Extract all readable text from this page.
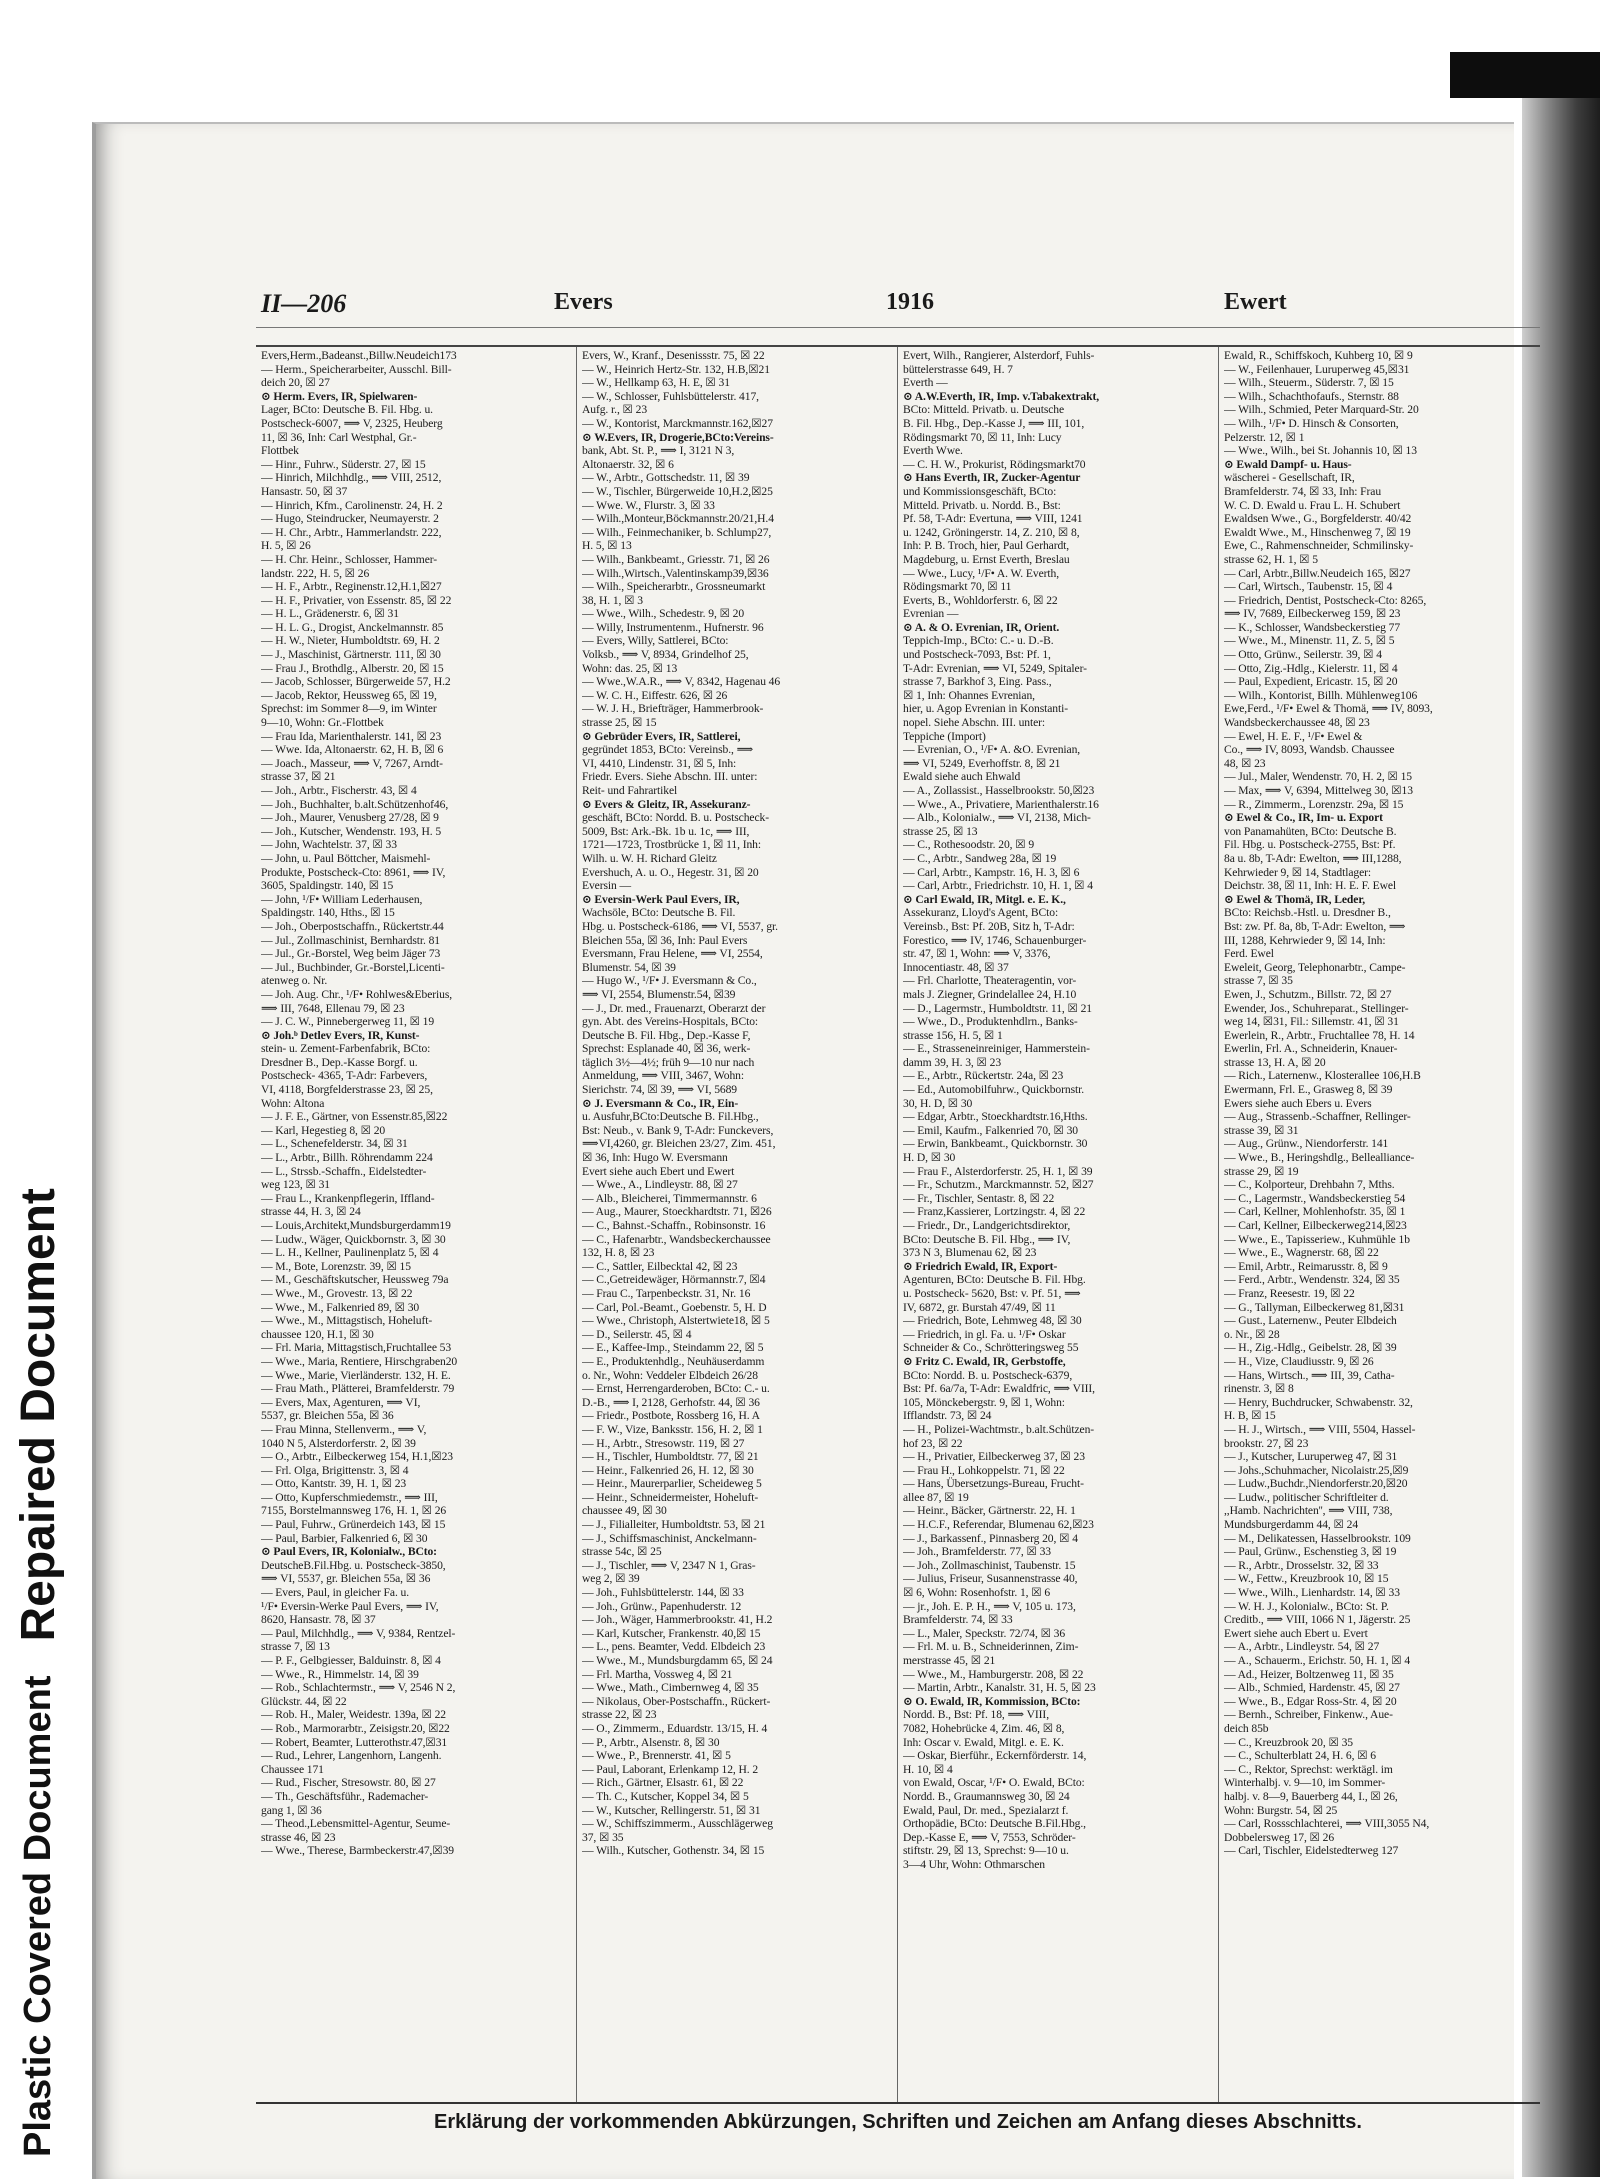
Plastic Covered Document
Repaired Document
II—206	Evers	1916	Ewert
Evers,Herm.,Badeanst.,Billw.Neudeich173
— Herm., Speicherarbeiter, Ausschl. Bill-
deich 20, ☒ 27
⊙ Herm. Evers, IR, Spielwaren-
Lager, BCto: Deutsche B. Fil. Hbg. u.
Postscheck-6007, ⟹ V, 2325, Heuberg
11, ☒ 36, Inh: Carl Westphal, Gr.-
Flottbek
— Hinr., Fuhrw., Süderstr. 27, ☒ 15
— Hinrich, Milchhdlg., ⟹ VIII, 2512,
Hansastr. 50, ☒ 37
— Hinrich, Kfm., Carolinenstr. 24, H. 2
— Hugo, Steindrucker, Neumayerstr. 2
— H. Chr., Arbtr., Hammerlandstr. 222,
H. 5, ☒ 26
— H. Chr. Heinr., Schlosser, Hammer-
landstr. 222, H. 5, ☒ 26
— H. F., Arbtr., Reginenstr.12,H.1,☒27
— H. F., Privatier, von Essenstr. 85, ☒ 22
— H. L., Grädenerstr. 6, ☒ 31
— H. L. G., Drogist, Anckelmannstr. 85
— H. W., Nieter, Humboldtstr. 69, H. 2
— J., Maschinist, Gärtnerstr. 111, ☒ 30
— Frau J., Brothdlg., Alberstr. 20, ☒ 15
— Jacob, Schlosser, Bürgerweide 57, H.2
— Jacob, Rektor, Heussweg 65, ☒ 19,
Sprechst: im Sommer 8—9, im Winter
9—10, Wohn: Gr.-Flottbek
— Frau Ida, Marienthalerstr. 141, ☒ 23
— Wwe. Ida, Altonaerstr. 62, H. B, ☒ 6
— Joach., Masseur, ⟹ V, 7267, Arndt-
strasse 37, ☒ 21
— Joh., Arbtr., Fischerstr. 43, ☒ 4
— Joh., Buchhalter, b.alt.Schützenhof46,
— Joh., Maurer, Venusberg 27/28, ☒ 9
— Joh., Kutscher, Wendenstr. 193, H. 5
— John, Wachtelstr. 37, ☒ 33
— John, u. Paul Böttcher, Maismehl-
Produkte, Postscheck-Cto: 8961, ⟹ IV,
3605, Spaldingstr. 140, ☒ 15
— John, ¹/F• William Lederhausen,
Spaldingstr. 140, Hths., ☒ 15
— Joh., Oberpostschaffn., Rückertstr.44
— Jul., Zollmaschinist, Bernhardstr. 81
— Jul., Gr.-Borstel, Weg beim Jäger 73
— Jul., Buchbinder, Gr.-Borstel,Licenti-
atenweg o. Nr.
— Joh. Aug. Chr., ¹/F• Rohlwes&Eberius,
⟹ III, 7648, Ellenau 79, ☒ 23
— J. C. W., Pinnebergerweg 11, ☒ 19
⊙ Joh.ᵇ Detlev Evers, IR, Kunst-
stein- u. Zement-Farbenfabrik, BCto:
Dresdner B., Dep.-Kasse Borgf. u.
Postscheck- 4365, T-Adr: Farbevers,
VI, 4118, Borgfelderstrasse 23, ☒ 25,
Wohn: Altona
— J. F. E., Gärtner, von Essenstr.85,☒22
— Karl, Hegestieg 8, ☒ 20
— L., Schenefelderstr. 34, ☒ 31
— L., Arbtr., Billh. Röhrendamm 224
— L., Strssb.-Schaffn., Eidelstedter-
weg 123, ☒ 31
— Frau L., Krankenpflegerin, Iffland-
strasse 44, H. 3, ☒ 24
— Louis,Architekt,Mundsburgerdamm19
— Ludw., Wäger, Quickbornstr. 3, ☒ 30
— L. H., Kellner, Paulinenplatz 5, ☒ 4
— M., Bote, Lorenzstr. 39, ☒ 15
— M., Geschäftskutscher, Heussweg 79a
— Wwe., M., Grovestr. 13, ☒ 22
— Wwe., M., Falkenried 89, ☒ 30
— Wwe., M., Mittagstisch, Hoheluft-
chaussee 120, H.1, ☒ 30
— Frl. Maria, Mittagstisch,Fruchtallee 53
— Wwe., Maria, Rentiere, Hirschgraben20
— Wwe., Marie, Vierländerstr. 132, H. E.
— Frau Math., Plätterei, Bramfelderstr. 79
— Evers, Max, Agenturen, ⟹ VI,
5537, gr. Bleichen 55a, ☒ 36
— Frau Minna, Stellenverm., ⟹ V,
1040 N 5, Alsterdorferstr. 2, ☒ 39
— O., Arbtr., Eilbeckerweg 154, H.1,☒23
— Frl. Olga, Brigittenstr. 3, ☒ 4
— Otto, Kantstr. 39, H. 1, ☒ 23
— Otto, Kupferschmiedemstr., ⟹ III,
7155, Borstelmannsweg 176, H. 1, ☒ 26
— Paul, Fuhrw., Grünerdeich 143, ☒ 15
— Paul, Barbier, Falkenried 6, ☒ 30
⊙ Paul Evers, IR, Kolonialw., BCto:
DeutscheB.Fil.Hbg. u. Postscheck-3850,
⟹ VI, 5537, gr. Bleichen 55a, ☒ 36
— Evers, Paul, in gleicher Fa. u.
¹/F• Eversin-Werke Paul Evers, ⟹ IV,
8620, Hansastr. 78, ☒ 37
— Paul, Milchhdlg., ⟹ V, 9384, Rentzel-
strasse 7, ☒ 13
— P. F., Gelbgiesser, Balduinstr. 8, ☒ 4
— Wwe., R., Himmelstr. 14, ☒ 39
— Rob., Schlachtermstr., ⟹ V, 2546 N 2,
Glückstr. 44, ☒ 22
— Rob. H., Maler, Weidestr. 139a, ☒ 22
— Rob., Marmorarbtr., Zeisigstr.20, ☒22
— Robert, Beamter, Lutterothstr.47,☒31
— Rud., Lehrer, Langenhorn, Langenh.
Chaussee 171
— Rud., Fischer, Stresowstr. 80, ☒ 27
— Th., Geschäftsführ., Rademacher-
gang 1, ☒ 36
— Theod.,Lebensmittel-Agentur, Seume-
strasse 46, ☒ 23
— Wwe., Therese, Barmbeckerstr.47,☒39
Evers, W., Kranf., Desenissstr. 75, ☒ 22
— W., Heinrich Hertz-Str. 132, H.B,☒21
— W., Hellkamp 63, H. E, ☒ 31
— W., Schlosser, Fuhlsbüttelerstr. 417,
Aufg. r., ☒ 23
— W., Kontorist, Marckmannstr.162,☒27
⊙ W.Evers, IR, Drogerie,BCto:Vereins-
bank, Abt. St. P., ⟹ I, 3121 N 3,
Altonaerstr. 32, ☒ 6
— W., Arbtr., Gottschedstr. 11, ☒ 39
— W., Tischler, Bürgerweide 10,H.2,☒25
— Wwe. W., Flurstr. 3, ☒ 33
— Wilh.,Monteur,Böckmannstr.20/21,H.4
— Wilh., Feinmechaniker, b. Schlump27,
H. 5, ☒ 13
— Wilh., Bankbeamt., Griesstr. 71, ☒ 26
— Wilh.,Wirtsch.,Valentinskamp39,☒36
— Wilh., Speicherarbtr., Grossneumarkt
38, H. 1, ☒ 3
— Wwe., Wilh., Schedestr. 9, ☒ 20
— Willy, Instrumentenm., Hufnerstr. 96
— Evers, Willy, Sattlerei, BCto:
Volksb., ⟹ V, 8934, Grindelhof 25,
Wohn: das. 25, ☒ 13
— Wwe.,W.A.R., ⟹ V, 8342, Hagenau 46
— W. C. H., Eiffestr. 626, ☒ 26
— W. J. H., Briefträger, Hammerbrook-
strasse 25, ☒ 15
⊙ Gebrüder Evers, IR, Sattlerei,
gegründet 1853, BCto: Vereinsb., ⟹
VI, 4410, Lindenstr. 31, ☒ 5, Inh:
Friedr. Evers. Siehe Abschn. III. unter:
Reit- und Fahrartikel
⊙ Evers & Gleitz, IR, Assekuranz-
geschäft, BCto: Nordd. B. u. Postscheck-
5009, Bst: Ark.-Bk. 1b u. 1c, ⟹ III,
1721—1723, Trostbrücke 1, ☒ 11, Inh:
Wilh. u. W. H. Richard Gleitz
Evershuch, A. u. O., Hegestr. 31, ☒ 20
Eversin —
⊙ Eversin-Werk Paul Evers, IR,
Wachsöle, BCto: Deutsche B. Fil.
Hbg. u. Postscheck-6186, ⟹ VI, 5537, gr.
Bleichen 55a, ☒ 36, Inh: Paul Evers
Eversmann, Frau Helene, ⟹ VI, 2554,
Blumenstr. 54, ☒ 39
— Hugo W., ¹/F• J. Eversmann & Co.,
⟹ VI, 2554, Blumenstr.54, ☒39
— J., Dr. med., Frauenarzt, Oberarzt der
gyn. Abt. des Vereins-Hospitals, BCto:
Deutsche B. Fil. Hbg., Dep.-Kasse F,
Sprechst: Esplanade 40, ☒ 36, werk-
täglich 3½—4½; früh 9—10 nur nach
Anmeldung, ⟹ VIII, 3467, Wohn:
Sierichstr. 74, ☒ 39, ⟹ VI, 5689
⊙ J. Eversmann & Co., IR, Ein-
u. Ausfuhr,BCto:Deutsche B. Fil.Hbg.,
Bst: Neub., v. Bank 9, T-Adr: Funckevers,
⟹VI,4260, gr. Bleichen 23/27, Zim. 451,
☒ 36, Inh: Hugo W. Eversmann
Evert siehe auch Ebert und Ewert
— Wwe., A., Lindleystr. 88, ☒ 27
— Alb., Bleicherei, Timmermannstr. 6
— Aug., Maurer, Stoeckhardtstr. 71, ☒26
— C., Bahnst.-Schaffn., Robinsonstr. 16
— C., Hafenarbtr., Wandsbeckerchaussee
132, H. 8, ☒ 23
— C., Sattler, Eilbecktal 42, ☒ 23
— C.,Getreidewäger, Hörmannstr.7, ☒4
— Frau C., Tarpenbeckstr. 31, Nr. 16
— Carl, Pol.-Beamt., Goebenstr. 5, H. D
— Wwe., Christoph, Alstertwiete18, ☒ 5
— D., Seilerstr. 45, ☒ 4
— E., Kaffee-Imp., Steindamm 22, ☒ 5
— E., Produktenhdlg., Neuhäuserdamm
o. Nr., Wohn: Veddeler Elbdeich 26/28
— Ernst, Herrengarderoben, BCto: C.- u.
D.-B., ⟹ I, 2128, Gerhofstr. 44, ☒ 36
— Friedr., Postbote, Rossberg 16, H. A
— F. W., Vize, Banksstr. 156, H. 2, ☒ 1
— H., Arbtr., Stresowstr. 119, ☒ 27
— H., Tischler, Humboldtstr. 77, ☒ 21
— Heinr., Falkenried 26, H. 12, ☒ 30
— Heinr., Maurerparlier, Scheideweg 5
— Heinr., Schneidermeister, Hoheluft-
chaussee 49, ☒ 30
— J., Filialleiter, Humboldtstr. 53, ☒ 21
— J., Schiffsmaschinist, Anckelmann-
strasse 54c, ☒ 25
— J., Tischler, ⟹ V, 2347 N 1, Gras-
weg 2, ☒ 39
— Joh., Fuhlsbüttelerstr. 144, ☒ 33
— Joh., Grünw., Papenhuderstr. 12
— Joh., Wäger, Hammerbrookstr. 41, H.2
— Karl, Kutscher, Frankenstr. 40,☒ 15
— L., pens. Beamter, Vedd. Elbdeich 23
— Wwe., M., Mundsburgdamm 65, ☒ 24
— Frl. Martha, Vossweg 4, ☒ 21
— Wwe., Math., Cimbernweg 4, ☒ 35
— Nikolaus, Ober-Postschaffn., Rückert-
strasse 22, ☒ 23
— O., Zimmerm., Eduardstr. 13/15, H. 4
— P., Arbtr., Alsenstr. 8, ☒ 30
— Wwe., P., Brennerstr. 41, ☒ 5
— Paul, Laborant, Erlenkamp 12, H. 2
— Rich., Gärtner, Elsastr. 61, ☒ 22
— Th. C., Kutscher, Koppel 34, ☒ 5
— W., Kutscher, Rellingerstr. 51, ☒ 31
— W., Schiffszimmerm., Ausschlägerweg
37, ☒ 35
— Wilh., Kutscher, Gothenstr. 34, ☒ 15
Evert, Wilh., Rangierer, Alsterdorf, Fuhls-
büttelerstrasse 649, H. 7
Everth —
⊙ A.W.Everth, IR, Imp. v.Tabakextrakt,
BCto: Mitteld. Privatb. u. Deutsche
B. Fil. Hbg., Dep.-Kasse J, ⟹ III, 101,
Rödingsmarkt 70, ☒ 11, Inh: Lucy
Everth Wwe.
— C. H. W., Prokurist, Rödingsmarkt70
⊙ Hans Everth, IR, Zucker-Agentur
und Kommissionsgeschäft, BCto:
Mitteld. Privatb. u. Nordd. B., Bst:
Pf. 58, T-Adr: Evertuna, ⟹ VIII, 1241
u. 1242, Gröningerstr. 14, Z. 210, ☒ 8,
Inh: P. B. Troch, hier, Paul Gerhardt,
Magdeburg, u. Ernst Everth, Breslau
— Wwe., Lucy, ¹/F• A. W. Everth,
Rödingsmarkt 70, ☒ 11
Everts, B., Wohldorferstr. 6, ☒ 22
Evrenian —
⊙ A. & O. Evrenian, IR, Orient.
Teppich-Imp., BCto: C.- u. D.-B.
und Postscheck-7093, Bst: Pf. 1,
T-Adr: Evrenian, ⟹ VI, 5249, Spitaler-
strasse 7, Barkhof 3, Eing. Pass.,
☒ 1, Inh: Ohannes Evrenian,
hier, u. Agop Evrenian in Konstanti-
nopel. Siehe Abschn. III. unter:
Teppiche (Import)
— Evrenian, O., ¹/F• A. &O. Evrenian,
⟹ VI, 5249, Everhoffstr. 8, ☒ 21
Ewald siehe auch Ehwald
— A., Zollassist., Hasselbrookstr. 50,☒23
— Wwe., A., Privatiere, Marienthalerstr.16
— Alb., Kolonialw., ⟹ VI, 2138, Mich-
strasse 25, ☒ 13
— C., Rothesoodstr. 20, ☒ 9
— C., Arbtr., Sandweg 28a, ☒ 19
— Carl, Arbtr., Kampstr. 16, H. 3, ☒ 6
— Carl, Arbtr., Friedrichstr. 10, H. 1, ☒ 4
⊙ Carl Ewald, IR, Mitgl. e. E. K.,
Assekuranz, Lloyd's Agent, BCto:
Vereinsb., Bst: Pf. 20B, Sitz h, T-Adr:
Forestico, ⟹ IV, 1746, Schauenburger-
str. 47, ☒ 1, Wohn: ⟹ V, 3376,
Innocentiastr. 48, ☒ 37
— Frl. Charlotte, Theateragentin, vor-
mals J. Ziegner, Grindelallee 24, H.10
— D., Lagermstr., Humboldtstr. 11, ☒ 21
— Wwe., D., Produktenhdlrn., Banks-
strasse 156, H. 5, ☒ 1
— E., Strasseneinreiniger, Hammerstein-
damm 39, H. 3, ☒ 23
— E., Arbtr., Rückertstr. 24a, ☒ 23
— Ed., Automobilfuhrw., Quickbornstr.
30, H. D, ☒ 30
— Edgar, Arbtr., Stoeckhardtstr.16,Hths.
— Emil, Kaufm., Falkenried 70, ☒ 30
— Erwin, Bankbeamt., Quickbornstr. 30
H. D, ☒ 30
— Frau F., Alsterdorferstr. 25, H. 1, ☒ 39
— Fr., Schutzm., Marckmannstr. 52, ☒27
— Fr., Tischler, Sentastr. 8, ☒ 22
— Franz,Kassierer, Lortzingstr. 4, ☒ 22
— Friedr., Dr., Landgerichtsdirektor,
BCto: Deutsche B. Fil. Hbg., ⟹ IV,
373 N 3, Blumenau 62, ☒ 23
⊙ Friedrich Ewald, IR, Export-
Agenturen, BCto: Deutsche B. Fil. Hbg.
u. Postscheck- 5620, Bst: v. Pf. 51, ⟹
IV, 6872, gr. Burstah 47/49, ☒ 11
— Friedrich, Bote, Lehmweg 48, ☒ 30
— Friedrich, in gl. Fa. u. ¹/F• Oskar
Schneider & Co., Schrötteringsweg 55
⊙ Fritz C. Ewald, IR, Gerbstoffe,
BCto: Nordd. B. u. Postscheck-6379,
Bst: Pf. 6a/7a, T-Adr: Ewaldfric, ⟹ VIII,
105, Mönckebergstr. 9, ☒ 1, Wohn:
Ifflandstr. 73, ☒ 24
— H., Polizei-Wachtmstr., b.alt.Schützen-
hof 23, ☒ 22
— H., Privatier, Eilbeckerweg 37, ☒ 23
— Frau H., Lohkoppelstr. 71, ☒ 22
— Hans, Übersetzungs-Bureau, Frucht-
allee 87, ☒ 19
— Heinr., Bäcker, Gärtnerstr. 22, H. 1
— H.C.F., Referendar, Blumenau 62,☒23
— J., Barkassenf., Pinnasberg 20, ☒ 4
— Joh., Bramfelderstr. 77, ☒ 33
— Joh., Zollmaschinist, Taubenstr. 15
— Julius, Friseur, Susannenstrasse 40,
☒ 6, Wohn: Rosenhofstr. 1, ☒ 6
— jr., Joh. E. P. H., ⟹ V, 105 u. 173,
Bramfelderstr. 74, ☒ 33
— L., Maler, Speckstr. 72/74, ☒ 36
— Frl. M. u. B., Schneiderinnen, Zim-
merstrasse 45, ☒ 21
— Wwe., M., Hamburgerstr. 208, ☒ 22
— Martin, Arbtr., Kanalstr. 31, H. 5, ☒ 23
⊙ O. Ewald, IR, Kommission, BCto:
Nordd. B., Bst: Pf. 18, ⟹ VIII,
7082, Hohebrücke 4, Zim. 46, ☒ 8,
Inh: Oscar v. Ewald, Mitgl. e. E. K.
— Oskar, Bierführ., Eckernförderstr. 14,
H. 10, ☒ 4
von Ewald, Oscar, ¹/F• O. Ewald, BCto:
Nordd. B., Graumannsweg 30, ☒ 24
Ewald, Paul, Dr. med., Spezialarzt f.
Orthopädie, BCto: Deutsche B.Fil.Hbg.,
Dep.-Kasse E, ⟹ V, 7553, Schröder-
stiftstr. 29, ☒ 13, Sprechst: 9—10 u.
3—4 Uhr, Wohn: Othmarschen
Ewald, R., Schiffskoch, Kuhberg 10, ☒ 9
— W., Feilenhauer, Luruperweg 45,☒31
— Wilh., Steuerm., Süderstr. 7, ☒ 15
— Wilh., Schachthofaufs., Sternstr. 88
— Wilh., Schmied, Peter Marquard-Str. 20
— Wilh., ¹/F• D. Hinsch & Consorten,
Pelzerstr. 12, ☒ 1
— Wwe., Wilh., bei St. Johannis 10, ☒ 13
⊙ Ewald Dampf- u. Haus-
wäscherei - Gesellschaft, IR,
Bramfelderstr. 74, ☒ 33, Inh: Frau
W. C. D. Ewald u. Frau L. H. Schubert
Ewaldsen Wwe., G., Borgfelderstr. 40/42
Ewaldt Wwe., M., Hinschenweg 7, ☒ 19
Ewe, C., Rahmenschneider, Schmilinsky-
strasse 62, H. 1, ☒ 5
— Carl, Arbtr.,Billw.Neudeich 165, ☒27
— Carl, Wirtsch., Taubenstr. 15, ☒ 4
— Friedrich, Dentist, Postscheck-Cto: 8265,
⟹ IV, 7689, Eilbeckerweg 159, ☒ 23
— K., Schlosser, Wandsbeckerstieg 77
— Wwe., M., Minenstr. 11, Z. 5, ☒ 5
— Otto, Grünw., Seilerstr. 39, ☒ 4
— Otto, Zig.-Hdlg., Kielerstr. 11, ☒ 4
— Paul, Expedient, Ericastr. 15, ☒ 20
— Wilh., Kontorist, Billh. Mühlenweg106
Ewe,Ferd., ¹/F• Ewel & Thomä, ⟹ IV, 8093,
Wandsbeckerchaussee 48, ☒ 23
— Ewel, H. E. F., ¹/F• Ewel &
Co., ⟹ IV, 8093, Wandsb. Chaussee
48, ☒ 23
— Jul., Maler, Wendenstr. 70, H. 2, ☒ 15
— Max, ⟹ V, 6394, Mittelweg 30, ☒13
— R., Zimmerm., Lorenzstr. 29a, ☒ 15
⊙ Ewel & Co., IR, Im- u. Export
von Panamahüten, BCto: Deutsche B.
Fil. Hbg. u. Postscheck-2755, Bst: Pf.
8a u. 8b, T-Adr: Ewelton, ⟹ III,1288,
Kehrwieder 9, ☒ 14, Stadtlager:
Deichstr. 38, ☒ 11, Inh: H. E. F. Ewel
⊙ Ewel & Thomä, IR, Leder,
BCto: Reichsb.-Hstl. u. Dresdner B.,
Bst: zw. Pf. 8a, 8b, T-Adr: Ewelton, ⟹
III, 1288, Kehrwieder 9, ☒ 14, Inh:
Ferd. Ewel
Eweleit, Georg, Telephonarbtr., Campe-
strasse 7, ☒ 35
Ewen, J., Schutzm., Billstr. 72, ☒ 27
Ewender, Jos., Schuhreparat., Stellinger-
weg 14, ☒31, Fil.: Sillemstr. 41, ☒ 31
Ewerlein, R., Arbtr., Fruchtallee 78, H. 14
Ewerlin, Frl. A., Schneiderin, Knauer-
strasse 13, H. A, ☒ 20
— Rich., Laternenw., Klosterallee 106,H.B
Ewermann, Frl. E., Grasweg 8, ☒ 39
Ewers siehe auch Ebers u. Evers
— Aug., Strassenb.-Schaffner, Rellinger-
strasse 39, ☒ 31
— Aug., Grünw., Niendorferstr. 141
— Wwe., B., Heringshdlg., Bellealliance-
strasse 29, ☒ 19
— C., Kolporteur, Drehbahn 7, Mths.
— C., Lagermstr., Wandsbeckerstieg 54
— Carl, Kellner, Mohlenhofstr. 35, ☒ 1
— Carl, Kellner, Eilbeckerweg214,☒23
— Wwe., E., Tapisseriew., Kuhmühle 1b
— Wwe., E., Wagnerstr. 68, ☒ 22
— Emil, Arbtr., Reimarusstr. 8, ☒ 9
— Ferd., Arbtr., Wendenstr. 324, ☒ 35
— Franz, Reesestr. 19, ☒ 22
— G., Tallyman, Eilbeckerweg 81,☒31
— Gust., Laternenw., Peuter Elbdeich
o. Nr., ☒ 28
— H., Zig.-Hdlg., Geibelstr. 28, ☒ 39
— H., Vize, Claudiusstr. 9, ☒ 26
— Hans, Wirtsch., ⟹ III, 39, Catha-
rinenstr. 3, ☒ 8
— Henry, Buchdrucker, Schwabenstr. 32,
H. B, ☒ 15
— H. J., Wirtsch., ⟹ VIII, 5504, Hassel-
brookstr. 27, ☒ 23
— J., Kutscher, Luruperweg 47, ☒ 31
— Johs.,Schuhmacher, Nicolaistr.25,☒9
— Ludw.,Buchdr.,Niendorferstr.20,☒20
— Ludw., politischer Schriftleiter d.
,,Hamb. Nachrichten'', ⟹ VIII, 738,
Mundsburgerdamm 44, ☒ 24
— M., Delikatessen, Hasselbrookstr. 109
— Paul, Grünw., Eschenstieg 3, ☒ 19
— R., Arbtr., Drosselstr. 32, ☒ 33
— W., Fettw., Kreuzbrook 10, ☒ 15
— Wwe., Wilh., Lienhardstr. 14, ☒ 33
— W. H. J., Kolonialw., BCto: St. P.
Creditb., ⟹ VIII, 1066 N 1, Jägerstr. 25
Ewert siehe auch Ebert u. Evert
— A., Arbtr., Lindleystr. 54, ☒ 27
— A., Schauerm., Erichstr. 50, H. 1, ☒ 4
— Ad., Heizer, Boltzenweg 11, ☒ 35
— Alb., Schmied, Hardenstr. 45, ☒ 27
— Wwe., B., Edgar Ross-Str. 4, ☒ 20
— Bernh., Schreiber, Finkenw., Aue-
deich 85b
— C., Kreuzbrook 20, ☒ 35
— C., Schulterblatt 24, H. 6, ☒ 6
— C., Rektor, Sprechst: werktägl. im
Winterhalbj. v. 9—10, im Sommer-
halbj. v. 8—9, Bauerberg 44, I., ☒ 26,
Wohn: Burgstr. 54, ☒ 25
— Carl, Rossschlachterei, ⟹ VIII,3055 N4,
Dobbelersweg 17, ☒ 26
— Carl, Tischler, Eidelstedterweg 127
Erklärung der vorkommenden Abkürzungen, Schriften und Zeichen am Anfang dieses Abschnitts.
